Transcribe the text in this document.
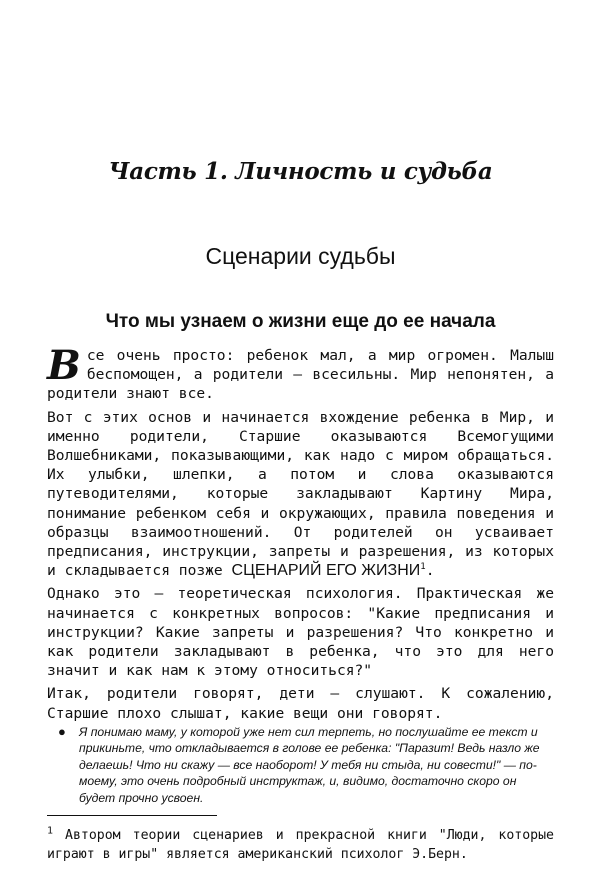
Часть 1. Личность и судьба
Сценарии судьбы
Что мы узнаем о жизни еще до ее начала

Все очень просто: ребенок мал, а мир огромен. Малыш беспомощен, а родители — всесильны. Мир непонятен, а родители знают все.

Вот с этих основ и начинается вхождение ребенка в Мир, и именно родители, Старшие оказываются Всемогущими Волшебниками, показывающими, как надо с миром обращаться. Их улыбки, шлепки, а потом и слова оказываются путеводителями, которые закладывают Картину Мира, понимание ребенком себя и окружающих, правила поведения и образцы взаимоотношений. От родителей он усваивает предписания, инструкции, запреты и разрешения, из которых и складывается позже СЦЕНАРИЙ ЕГО ЖИЗНИ$^1$.

Однако это — теоретическая психология. Практическая же начинается с конкретных вопросов: "Какие предписания и инструкции? Какие запреты и разрешения? Что конкретно и как родители закладывают в ребенка, что это для него значит и как нам к этому относиться?"

Итак, родители говорят, дети — слушают. К сожалению, Старшие плохо слышат, какие вещи они говорят.

● Я понимаю маму, у которой уже нет сил терпеть, но послушайте ее текст и прикиньте, что откладывается в голове ее ребенка: "Паразит! Ведь назло же делаешь! Что ни скажу — все наоборот! У тебя ни стыда, ни совести!" — по-моему, это очень подробный инструктаж, и, видимо, достаточно скоро он будет прочно усвоен.
$^1$ Автором теории сценариев и прекрасной книги "Люди, которые играют в игры" является американский психолог Э.Берн.
